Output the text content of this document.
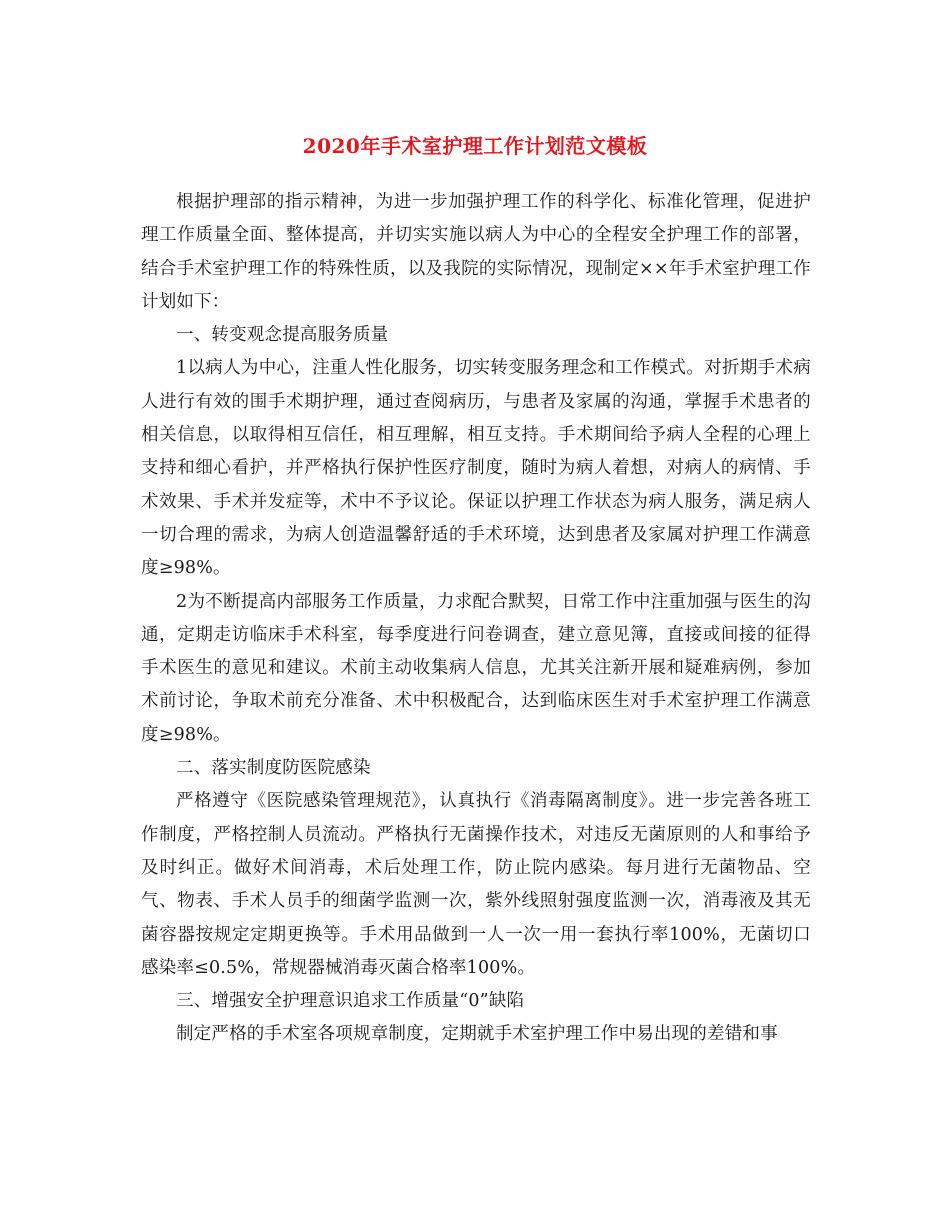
2020年手术室护理工作计划范文模板

根据护理部的指示精神，为进一步加强护理工作的科学化、标准化管理，促进护理工作质量全面、整体提高，并切实实施以病人为中心的全程安全护理工作的部署，结合手术室护理工作的特殊性质，以及我院的实际情况，现制定××年手术室护理工作计划如下：

一、转变观念提高服务质量

1以病人为中心，注重人性化服务，切实转变服务理念和工作模式。对折期手术病人进行有效的围手术期护理，通过查阅病历，与患者及家属的沟通，掌握手术患者的相关信息，以取得相互信任，相互理解，相互支持。手术期间给予病人全程的心理上支持和细心看护，并严格执行保护性医疗制度，随时为病人着想，对病人的病情、手术效果、手术并发症等，术中不予议论。保证以护理工作状态为病人服务，满足病人一切合理的需求，为病人创造温馨舒适的手术环境，达到患者及家属对护理工作满意度≥98%。

2为不断提高内部服务工作质量，力求配合默契，日常工作中注重加强与医生的沟通，定期走访临床手术科室，每季度进行问卷调查，建立意见簿，直接或间接的征得手术医生的意见和建议。术前主动收集病人信息，尤其关注新开展和疑难病例，参加术前讨论，争取术前充分准备、术中积极配合，达到临床医生对手术室护理工作满意度≥98%。

二、落实制度防医院感染

严格遵守《医院感染管理规范》，认真执行《消毒隔离制度》。进一步完善各班工作制度，严格控制人员流动。严格执行无菌操作技术，对违反无菌原则的人和事给予及时纠正。做好术间消毒，术后处理工作，防止院内感染。每月进行无菌物品、空气、物表、手术人员手的细菌学监测一次，紫外线照射强度监测一次，消毒液及其无菌容器按规定定期更换等。手术用品做到一人一次一用一套执行率100%，无菌切口感染率≤0.5%，常规器械消毒灭菌合格率100%。

三、增强安全护理意识追求工作质量“0”缺陷

制定严格的手术室各项规章制度，定期就手术室护理工作中易出现的差错和事
